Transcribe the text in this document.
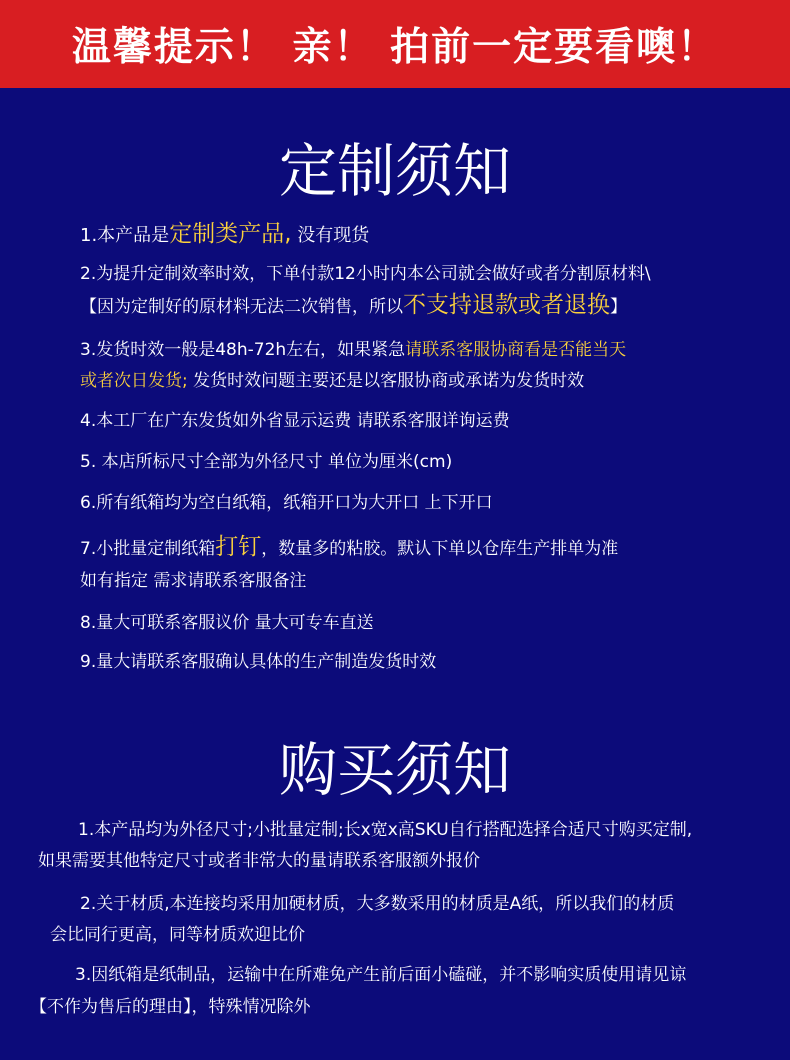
温馨提示！ 亲！ 拍前一定要看噢！
定制须知
1.本产品是定制类产品, 没有现货
2.为提升定制效率时效，下单付款12小时内本公司就会做好或者分割原材料\
【因为定制好的原材料无法二次销售，所以不支持退款或者退换】
3.发货时效一般是48h-72h左右，如果紧急请联系客服协商看是否能当天
或者次日发货; 发货时效问题主要还是以客服协商或承诺为发货时效
4.本工厂在广东发货如外省显示运费 请联系客服详询运费
5. 本店所标尺寸全部为外径尺寸 单位为厘米(cm)
6.所有纸箱均为空白纸箱，纸箱开口为大开口 上下开口
7.小批量定制纸箱打钉，数量多的粘胶。默认下单以仓库生产排单为准
如有指定 需求请联系客服备注
8.量大可联系客服议价 量大可专车直送
9.量大请联系客服确认具体的生产制造发货时效
购买须知
1.本产品均为外径尺寸;小批量定制;长x宽x高SKU自行搭配选择合适尺寸购买定制,
如果需要其他特定尺寸或者非常大的量请联系客服额外报价
2.关于材质,本连接均采用加硬材质，大多数采用的材质是A纸，所以我们的材质
会比同行更高，同等材质欢迎比价
3.因纸箱是纸制品，运输中在所难免产生前后面小磕碰，并不影响实质使用请见谅
【不作为售后的理由】，特殊情况除外
